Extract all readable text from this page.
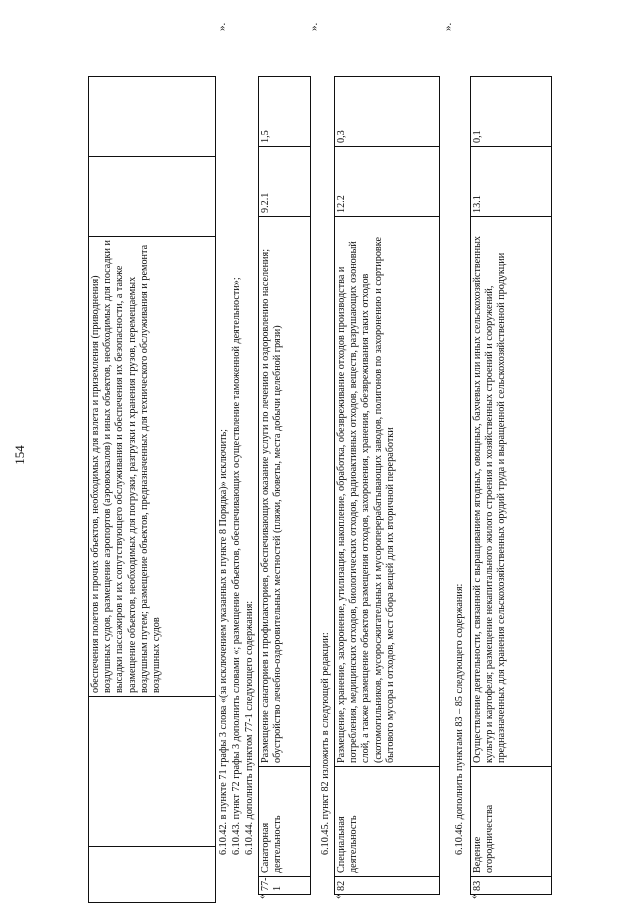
154
			обеспечения полетов и прочих объектов, необходимых для взлета и приземления (приводнения) воздушных судов, размещение аэропортов (аэровокзалов) и иных объектов, необходимых для посадки и высадки пассажиров и их сопутствующего обслуживания и обеспечения их безопасности, а также размещение объектов, необходимых для погрузки, разгрузки и хранения грузов, перемещаемых воздушным путем; размещение объектов, предназначенных для технического обслуживания и ремонта воздушных судов		
».
6.10.42. в пункте 71 графы 3 слова «(за исключением указанных в пункте 8 Порядка)» исключить; 6.10.43. пункт 72 графы 3 дополнить словами «; размещение объектов, обеспечивающих осуществление таможенной деятельности»; 6.10.44. дополнить пунктом 77-1 следующего содержания:
«
77-1	Санаторная деятельность	Размещение санаториев и профилакториев, обеспечивающих оказание услуги по лечению и оздоровлению населения; обустройство лечебно-оздоровительных местностей (пляжи, бюветы, места добычи целебной грязи)	9.2.1	1,5
».
6.10.45. пункт 82 изложить в следующей редакции:
«
82	Специальная деятельность	Размещение, хранение, захоронение, утилизация, накопление, обработка, обезвреживание отходов производства и потребления, медицинских отходов, биологических отходов, радиоактивных отходов, веществ, разрушающих озоновый слой, а также размещение объектов размещения отходов, захоронения, хранения, обезвреживания таких отходов (скотомогильников, мусоросжигательных и мусороперерабатывающих заводов, полигонов по захоронению и сортировке бытового мусора и отходов, мест сбора вещей для их вторичной переработки	12.2	0,3
».
6.10.46. дополнить пунктами 83 – 85 следующего содержания:
«
83	Ведение огородничества	Осуществление деятельности, связанной с выращиванием ягодных, овощных, бахчевых или иных сельскохозяйственных культур и картофеля; размещение некапитального жилого строения и хозяйственных строений и сооружений, предназначенных для хранения сельскохозяйственных орудий труда и выращенной сельскохозяйственной продукции	13.1	0,1
